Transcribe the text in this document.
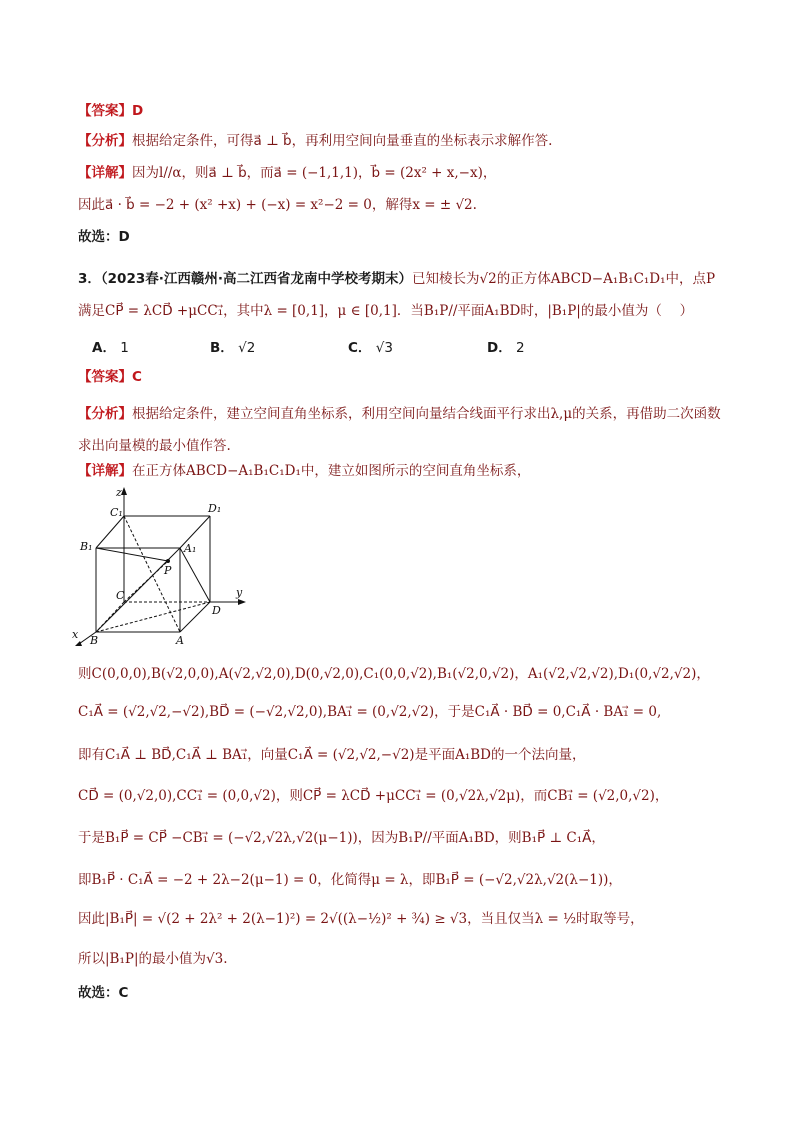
【答案】D
【分析】根据给定条件，可得a⃗ ⊥ b⃗，再利用空间向量垂直的坐标表示求解作答.
【详解】因为l//α，则a⃗ ⊥ b⃗，而a⃗ = (−1,1,1)，b⃗ = (2x² + x,−x)，
因此a⃗ · b⃗ = −2 + (x² +x) + (−x) = x²−2 = 0，解得x = ± √2.
故选：D
3．（2023春·江西赣州·高二江西省龙南中学校考期末）已知棱长为√2的正方体ABCD−A₁B₁C₁D₁中，点P
满足CP⃗ = λCD⃗ +μCC₁⃗，其中λ = [0,1]，μ ∈ [0,1]．当B₁P//平面A₁BD时，|B₁P|的最小值为（　 ）
A． 1	B． √2	C． √3	D． 2
【答案】C
【分析】根据给定条件，建立空间直角坐标系，利用空间向量结合线面平行求出λ,μ的关系，再借助二次函数求出向量模的最小值作答.
【详解】在正方体ABCD−A₁B₁C₁D₁中，建立如图所示的空间直角坐标系，
z
y
x
C₁	D₁
B₁	A₁
P
C
D
B	A
则C(0,0,0),B(√2,0,0),A(√2,√2,0),D(0,√2,0),C₁(0,0,√2),B₁(√2,0,√2)，A₁(√2,√2,√2),D₁(0,√2,√2)，
C₁A⃗ = (√2,√2,−√2),BD⃗ = (−√2,√2,0),BA₁⃗ = (0,√2,√2)，于是C₁A⃗ · BD⃗ = 0,C₁A⃗ · BA₁⃗ = 0,
即有C₁A⃗ ⊥ BD⃗,C₁A⃗ ⊥ BA₁⃗，向量C₁A⃗ = (√2,√2,−√2)是平面A₁BD的一个法向量，
CD⃗ = (0,√2,0),CC₁⃗ = (0,0,√2)，则CP⃗ = λCD⃗ +μCC₁⃗ = (0,√2λ,√2μ)，而CB₁⃗ = (√2,0,√2)，
于是B₁P⃗ = CP⃗ −CB₁⃗ = (−√2,√2λ,√2(μ−1))，因为B₁P//平面A₁BD，则B₁P⃗ ⊥ C₁A⃗，
即B₁P⃗ · C₁A⃗ = −2 + 2λ−2(μ−1) = 0，化简得μ = λ，即B₁P⃗ = (−√2,√2λ,√2(λ−1))，
因此|B₁P⃗| = √(2 + 2λ² + 2(λ−1)²) = 2√((λ−½)² + ¾) ≥ √3，当且仅当λ = ½时取等号，
所以|B₁P|的最小值为√3.
故选：C
